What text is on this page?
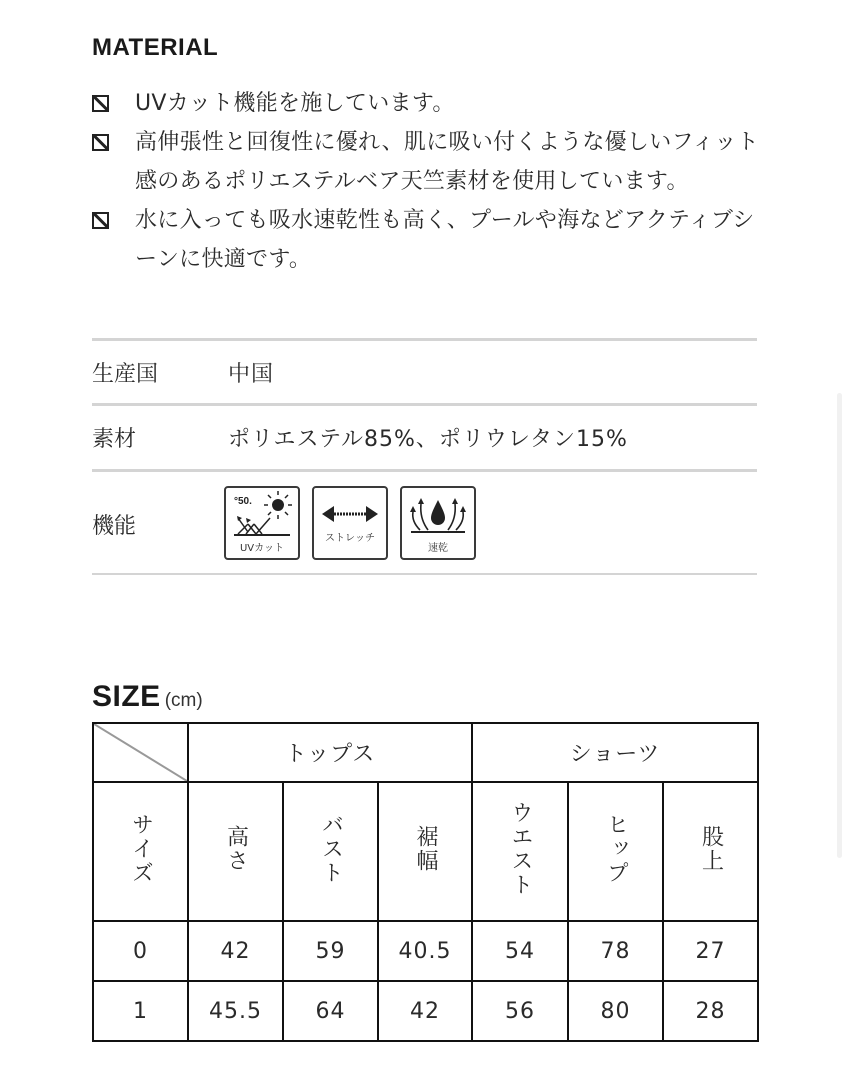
MATERIAL
UVカット機能を施しています。
高伸張性と回復性に優れ、肌に吸い付くような優しいフィット感のあるポリエステルベア天竺素材を使用しています。
水に入っても吸水速乾性も高く、プールや海などアクティブシーンに快適です。
生産国	中国
素材	ポリエステル85%、ポリウレタン15%
機能
°50.
UVカット
ストレッチ
速乾
SIZE (cm)
	トップス			ショーツ		
サイズ	高さ	バスト	裾幅	ウエスト	ヒップ	股上
0	42	59	40.5	54	78	27
1	45.5	64	42	56	80	28
